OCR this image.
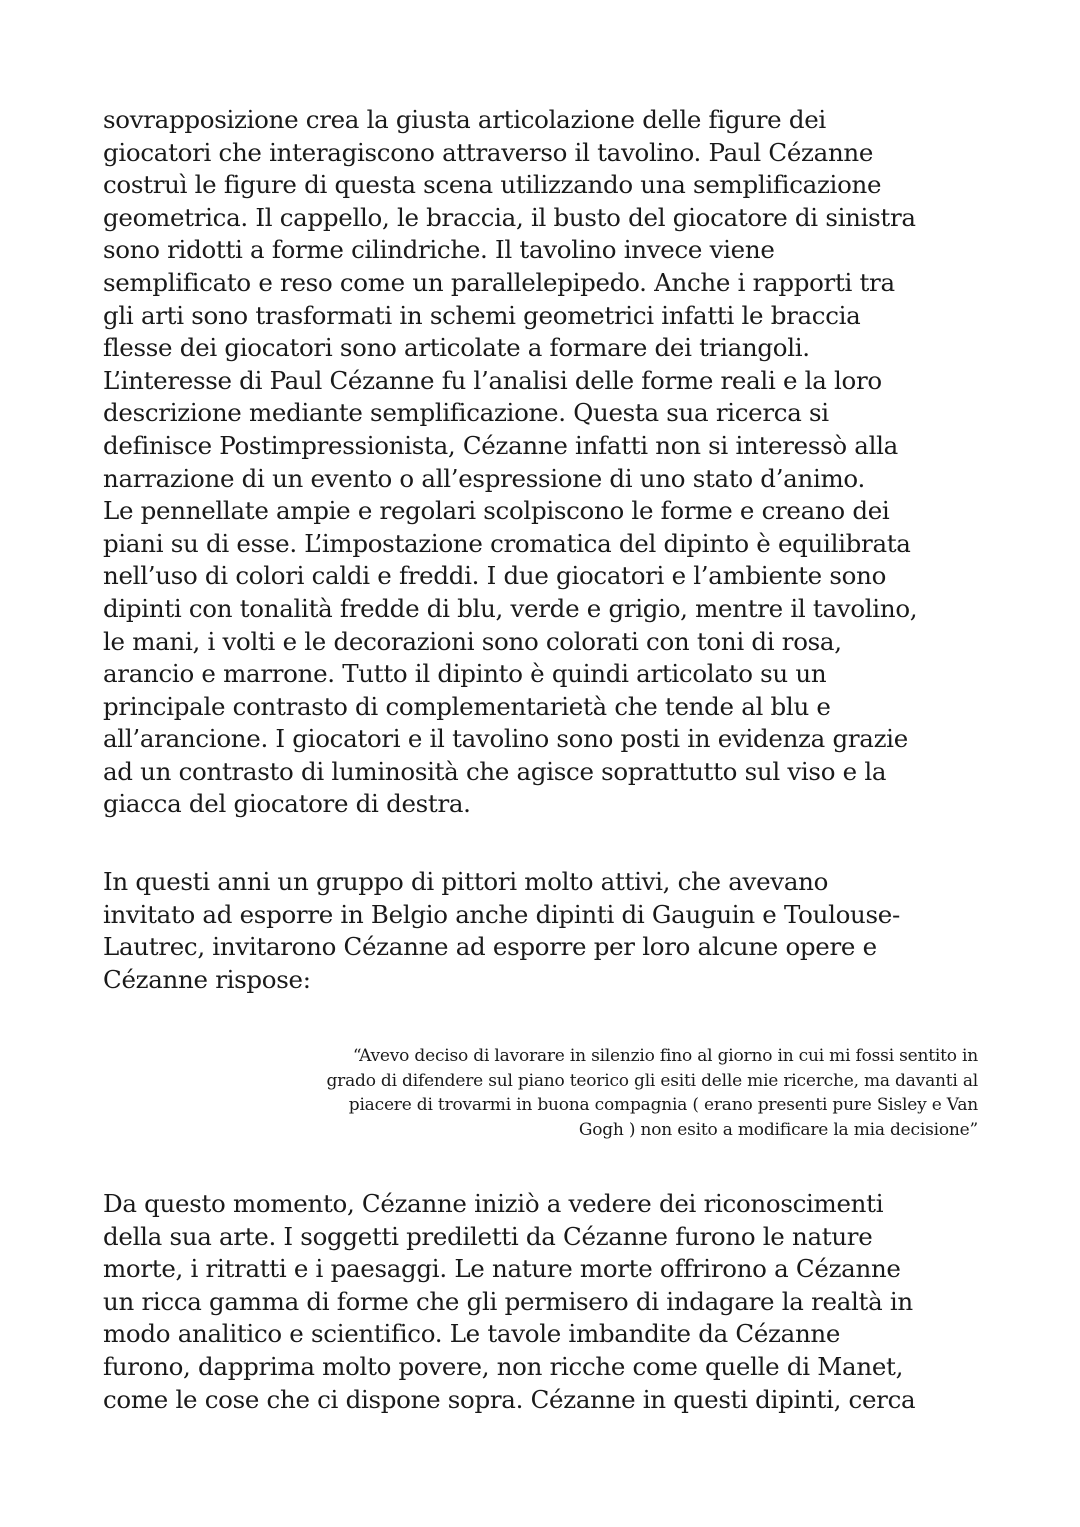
sovrapposizione crea la giusta articolazione delle figure dei
giocatori che interagiscono attraverso il tavolino. Paul Cézanne
costruì le figure di questa scena utilizzando una semplificazione
geometrica. Il cappello, le braccia, il busto del giocatore di sinistra
sono ridotti a forme cilindriche. Il tavolino invece viene
semplificato e reso come un parallelepipedo. Anche i rapporti tra
gli arti sono trasformati in schemi geometrici infatti le braccia
flesse dei giocatori sono articolate a formare dei triangoli.
L’interesse di Paul Cézanne fu l’analisi delle forme reali e la loro
descrizione mediante semplificazione. Questa sua ricerca si
definisce Postimpressionista, Cézanne infatti non si interessò alla
narrazione di un evento o all’espressione di uno stato d’animo.
Le pennellate ampie e regolari scolpiscono le forme e creano dei
piani su di esse. L’impostazione cromatica del dipinto è equilibrata
nell’uso di colori caldi e freddi. I due giocatori e l’ambiente sono
dipinti con tonalità fredde di blu, verde e grigio, mentre il tavolino,
le mani, i volti e le decorazioni sono colorati con toni di rosa,
arancio e marrone. Tutto il dipinto è quindi articolato su un
principale contrasto di complementarietà che tende al blu e
all’arancione. I giocatori e il tavolino sono posti in evidenza grazie
ad un contrasto di luminosità che agisce soprattutto sul viso e la
giacca del giocatore di destra.
In questi anni un gruppo di pittori molto attivi, che avevano
invitato ad esporre in Belgio anche dipinti di Gauguin e Toulouse-
Lautrec, invitarono Cézanne ad esporre per loro alcune opere e
Cézanne rispose:
“Avevo deciso di lavorare in silenzio fino al giorno in cui mi fossi sentito in
grado di difendere sul piano teorico gli esiti delle mie ricerche, ma davanti al
piacere di trovarmi in buona compagnia ( erano presenti pure Sisley e Van
Gogh ) non esito a modificare la mia decisione”
Da questo momento, Cézanne iniziò a vedere dei riconoscimenti
della sua arte. I soggetti prediletti da Cézanne furono le nature
morte, i ritratti e i paesaggi. Le nature morte offrirono a Cézanne
un ricca gamma di forme che gli permisero di indagare la realtà in
modo analitico e scientifico. Le tavole imbandite da Cézanne
furono, dapprima molto povere, non ricche come quelle di Manet,
come le cose che ci dispone sopra. Cézanne in questi dipinti, cerca
